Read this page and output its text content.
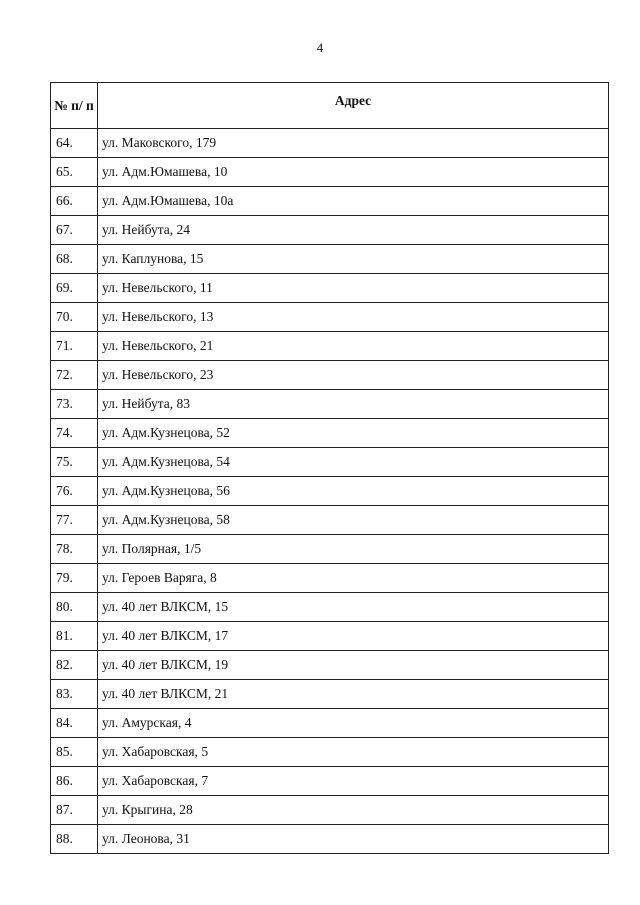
4
№ п/ п	Адрес
64.	ул. Маковского, 179
65.	ул. Адм.Юмашева, 10
66.	ул. Адм.Юмашева, 10а
67.	ул. Нейбута, 24
68.	ул. Каплунова, 15
69.	ул. Невельского, 11
70.	ул. Невельского, 13
71.	ул. Невельского, 21
72.	ул. Невельского, 23
73.	ул. Нейбута, 83
74.	ул. Адм.Кузнецова, 52
75.	ул. Адм.Кузнецова, 54
76.	ул. Адм.Кузнецова, 56
77.	ул. Адм.Кузнецова, 58
78.	ул. Полярная, 1/5
79.	ул. Героев Варяга, 8
80.	ул. 40 лет ВЛКСМ, 15
81.	ул. 40 лет ВЛКСМ, 17
82.	ул. 40 лет ВЛКСМ, 19
83.	ул. 40 лет ВЛКСМ, 21
84.	ул. Амурская, 4
85.	ул. Хабаровская, 5
86.	ул. Хабаровская, 7
87.	ул. Крыгина, 28
88.	ул. Леонова, 31
